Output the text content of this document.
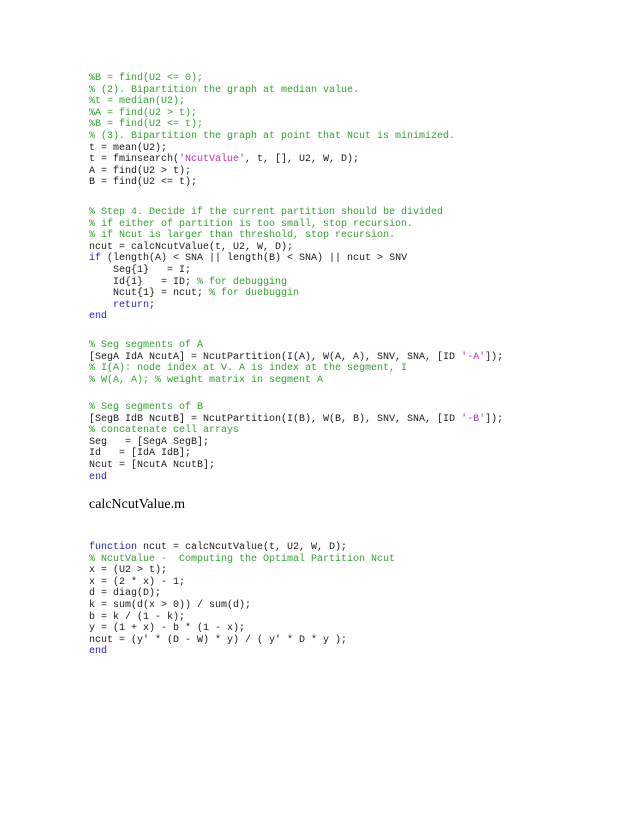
%B = find(U2 <= 0);
% (2). Bipartition the graph at median value.
%t = median(U2);
%A = find(U2 > t);
%B = find(U2 <= t);
% (3). Bipartition the graph at point that Ncut is minimized.
t = mean(U2);
t = fminsearch('NcutValue', t, [], U2, W, D);
A = find(U2 > t);
B = find(U2 <= t);
% Step 4. Decide if the current partition should be divided
% if either of partition is too small, stop recursion.
% if Ncut is larger than threshold, stop recursion.
ncut = calcNcutValue(t, U2, W, D);
if (length(A) < SNA || length(B) < SNA) || ncut > SNV
Seg{1}   = I;
Id{1}   = ID; % for debugging
Ncut{1} = ncut; % for duebuggin
return;
end
% Seg segments of A
[SegA IdA NcutA] = NcutPartition(I(A), W(A, A), SNV, SNA, [ID '-A']);
% I(A): node index at V. A is index at the segment, I
% W(A, A); % weight matrix in segment A
% Seg segments of B
[SegB IdB NcutB] = NcutPartition(I(B), W(B, B), SNV, SNA, [ID '-B']);
% concatenate cell arrays
Seg   = [SegA SegB];
Id   = [IdA IdB];
Ncut = [NcutA NcutB];
end
calcNcutValue.m
function ncut = calcNcutValue(t, U2, W, D);
% NcutValue -  Computing the Optimal Partition Ncut
x = (U2 > t);
x = (2 * x) - 1;
d = diag(D);
k = sum(d(x > 0)) / sum(d);
b = k / (1 - k);
y = (1 + x) - b * (1 - x);
ncut = (y' * (D - W) * y) / ( y' * D * y );
end
